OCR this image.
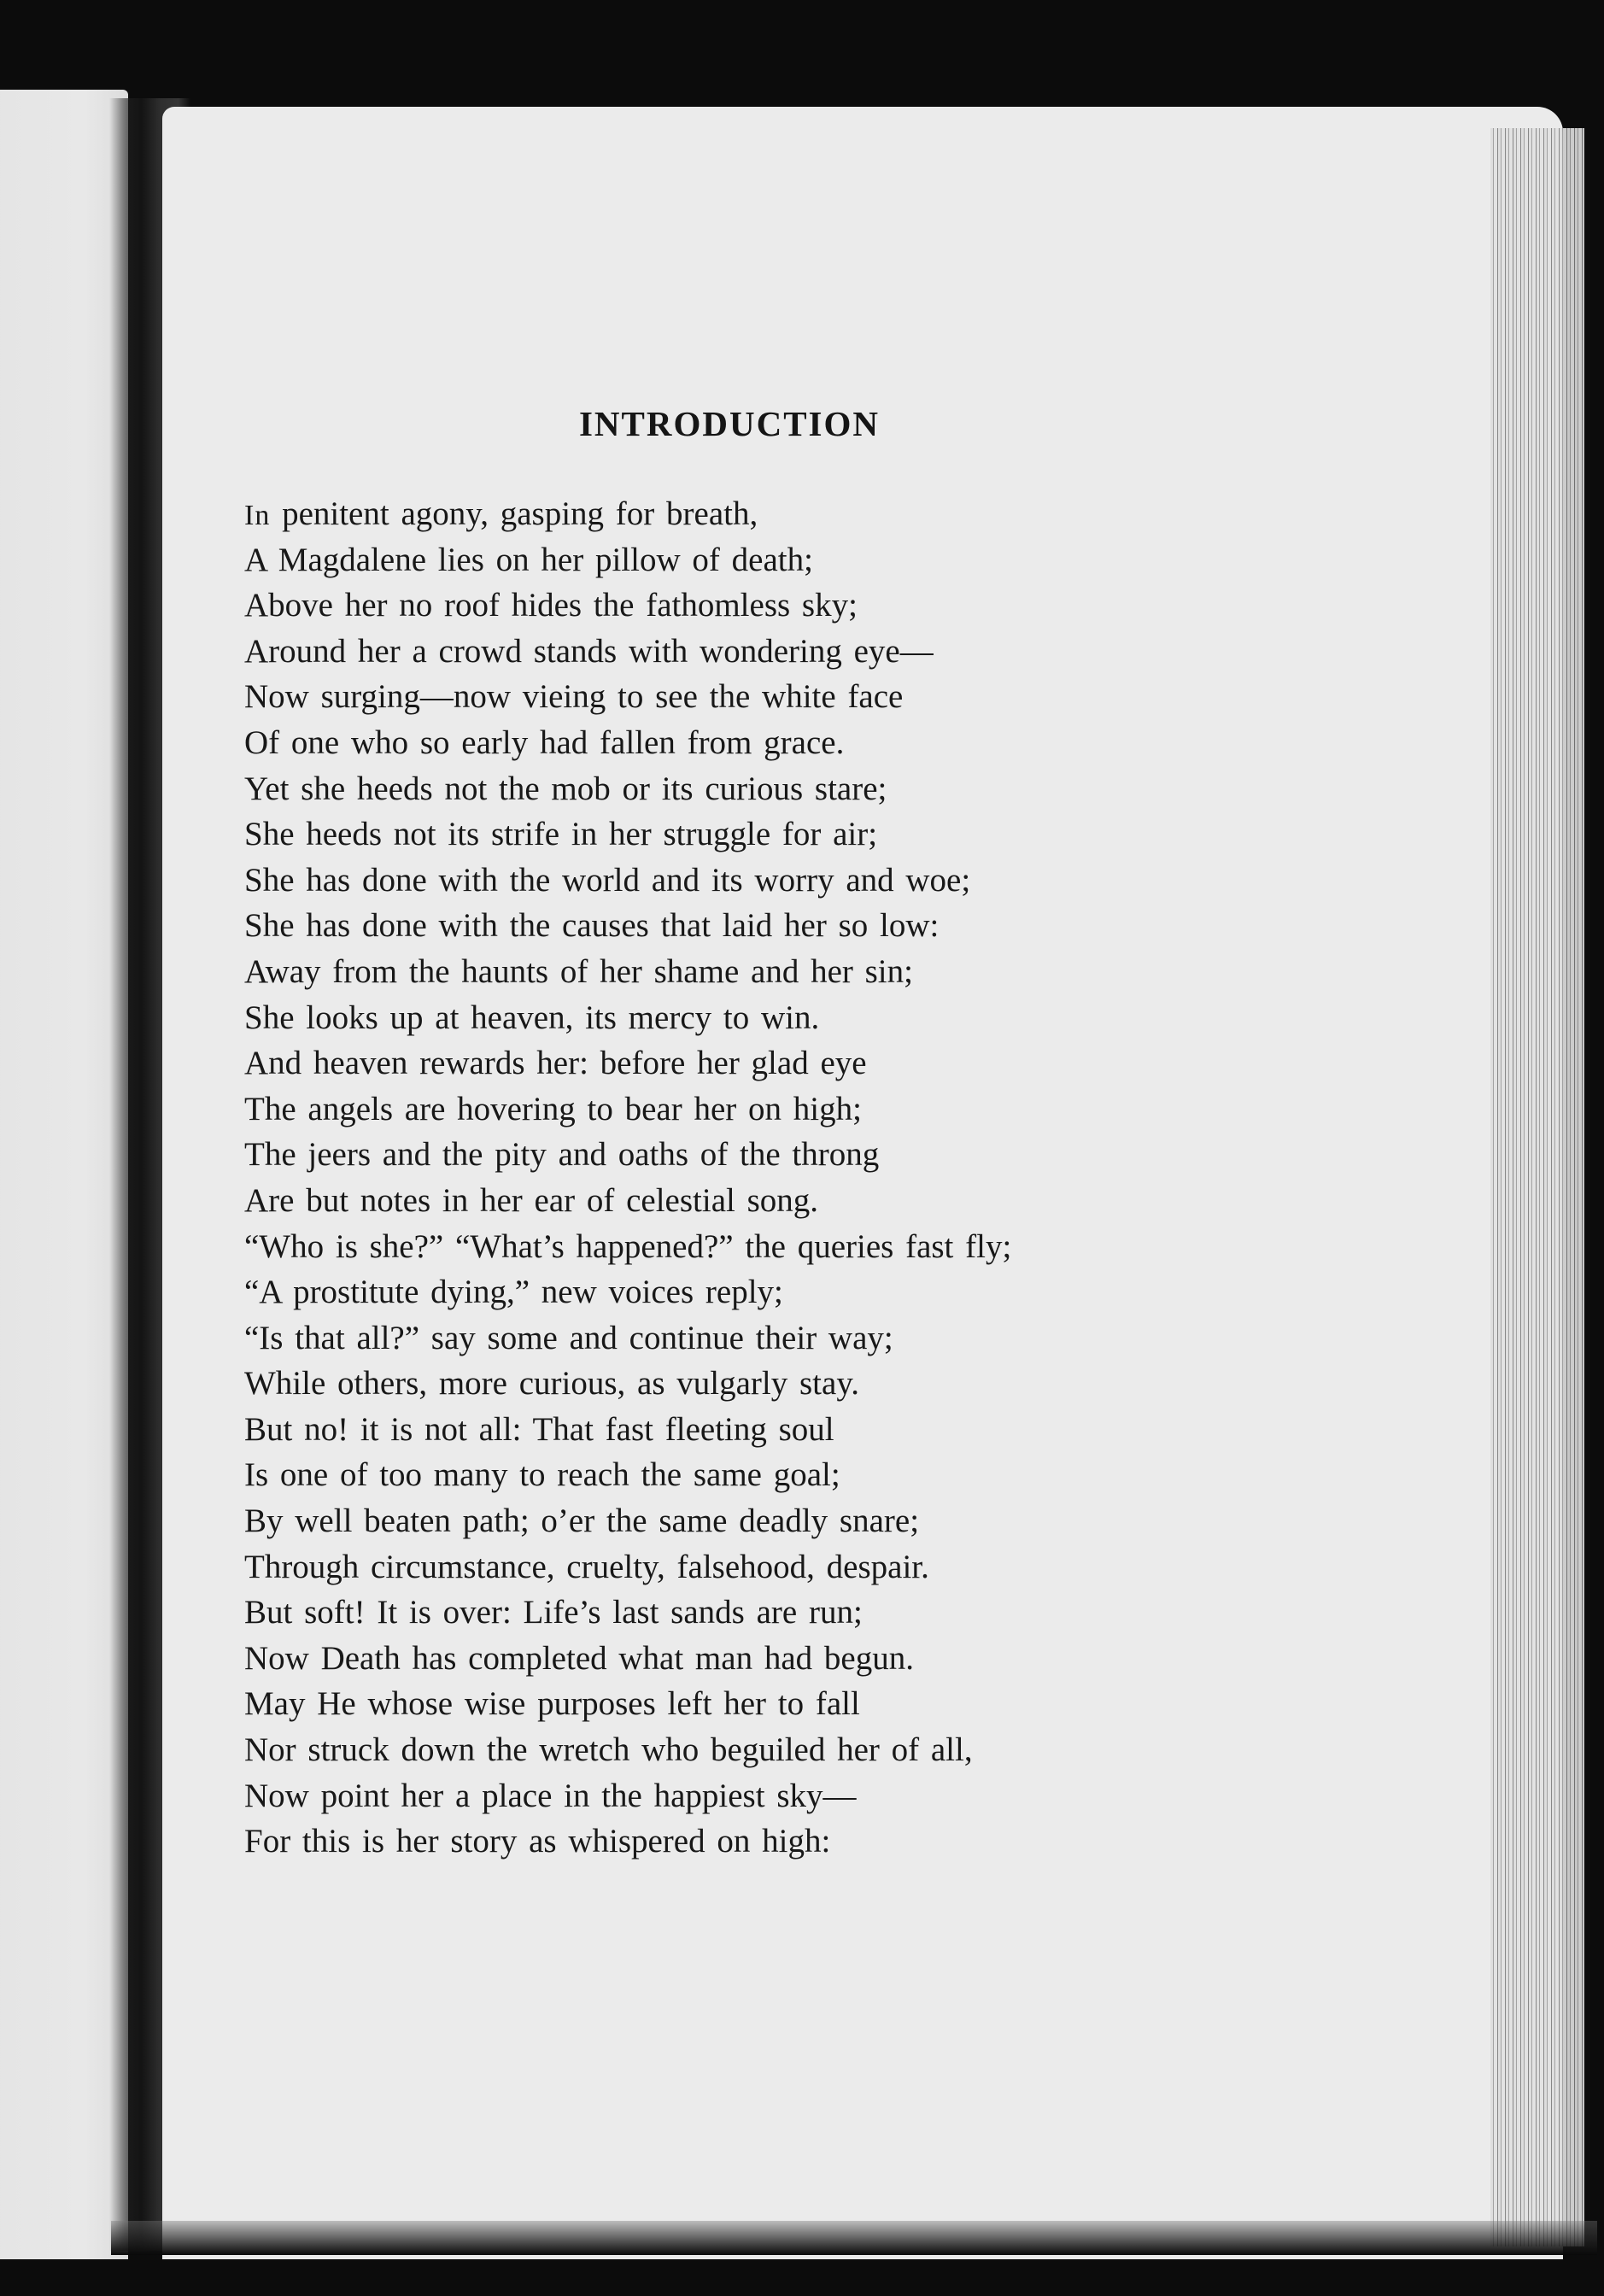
INTRODUCTION
In penitent agony, gasping for breath,
A Magdalene lies on her pillow of death;
Above her no roof hides the fathomless sky;
Around her a crowd stands with wondering eye—
Now surging—now vieing to see the white face
Of one who so early had fallen from grace.
Yet she heeds not the mob or its curious stare;
She heeds not its strife in her struggle for air;
She has done with the world and its worry and woe;
She has done with the causes that laid her so low:
Away from the haunts of her shame and her sin;
She looks up at heaven, its mercy to win.
And heaven rewards her: before her glad eye
The angels are hovering to bear her on high;
The jeers and the pity and oaths of the throng
Are but notes in her ear of celestial song.
“Who is she?” “What’s happened?” the queries fast fly;
“A prostitute dying,” new voices reply;
“Is that all?” say some and continue their way;
While others, more curious, as vulgarly stay.
But no! it is not all: That fast fleeting soul
Is one of too many to reach the same goal;
By well beaten path; o’er the same deadly snare;
Through circumstance, cruelty, falsehood, despair.
But soft! It is over: Life’s last sands are run;
Now Death has completed what man had begun.
May He whose wise purposes left her to fall
Nor struck down the wretch who beguiled her of all,
Now point her a place in the happiest sky—
For this is her story as whispered on high:
